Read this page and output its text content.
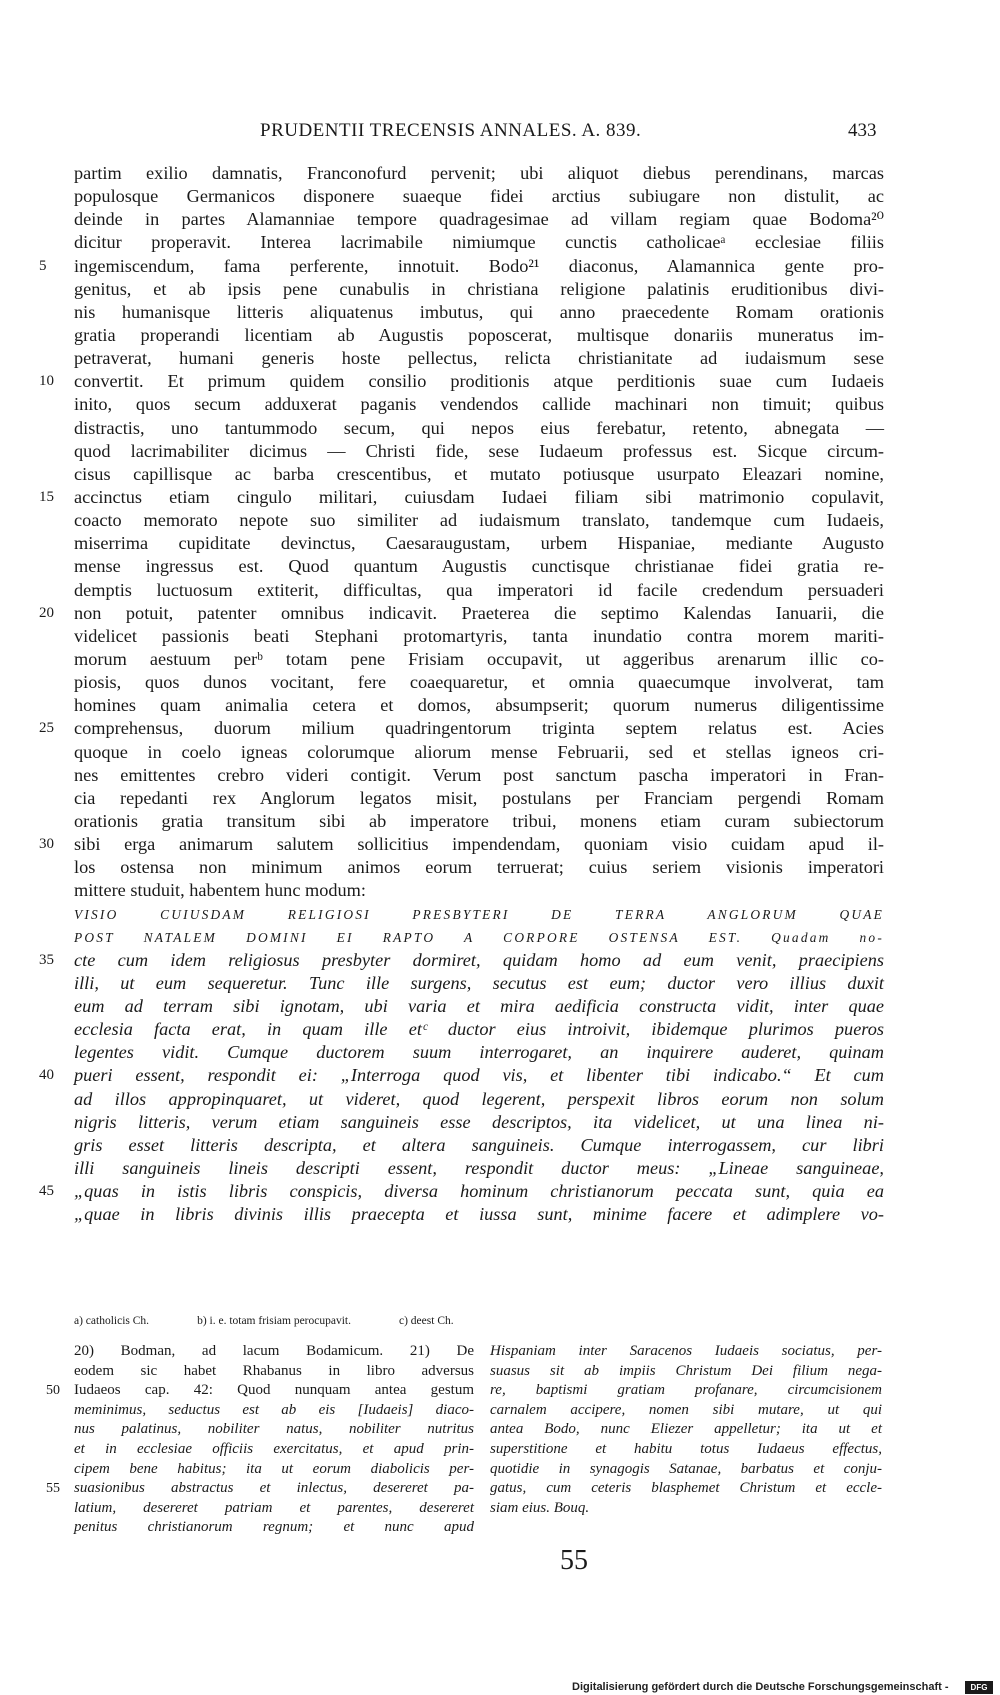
PRUDENTII TRECENSIS ANNALES. A. 839.	433
partim exilio damnatis, Franconofurd pervenit; ubi aliquot diebus perendinans, marcas
populosque Germanicos disponere suaeque fidei arctius subiugare non distulit, ac
deinde in partes Alamanniae tempore quadragesimae ad villam regiam quae Bodoma²⁰
dicitur properavit. Interea lacrimabile nimiumque cunctis catholicaeᵃ ecclesiae filiis
5	ingemiscendum, fama perferente, innotuit. Bodo²¹ diaconus, Alamannica gente pro-
genitus, et ab ipsis pene cunabulis in christiana religione palatinis eruditionibus divi-
nis humanisque litteris aliquatenus imbutus, qui anno praecedente Romam orationis
gratia properandi licentiam ab Augustis poposcerat, multisque donariis muneratus im-
petraverat, humani generis hoste pellectus, relicta christianitate ad iudaismum sese
10	convertit. Et primum quidem consilio proditionis atque perditionis suae cum Iudaeis
inito, quos secum adduxerat paganis vendendos callide machinari non timuit; quibus
distractis, uno tantummodo secum, qui nepos eius ferebatur, retento, abnegata —
quod lacrimabiliter dicimus — Christi fide, sese Iudaeum professus est. Sicque circum-
cisus capillisque ac barba crescentibus, et mutato potiusque usurpato Eleazari nomine,
15	accinctus etiam cingulo militari, cuiusdam Iudaei filiam sibi matrimonio copulavit,
coacto memorato nepote suo similiter ad iudaismum translato, tandemque cum Iudaeis,
miserrima cupiditate devinctus, Caesaraugustam, urbem Hispaniae, mediante Augusto
mense ingressus est. Quod quantum Augustis cunctisque christianae fidei gratia re-
demptis luctuosum extiterit, difficultas, qua imperatori id facile credendum persuaderi
20	non potuit, patenter omnibus indicavit. Praeterea die septimo Kalendas Ianuarii, die
videlicet passionis beati Stephani protomartyris, tanta inundatio contra morem mariti-
morum aestuum perᵇ totam pene Frisiam occupavit, ut aggeribus arenarum illic co-
piosis, quos dunos vocitant, fere coaequaretur, et omnia quaecumque involverat, tam
homines quam animalia cetera et domos, absumpserit; quorum numerus diligentissime
25	comprehensus, duorum milium quadringentorum triginta septem relatus est. Acies
quoque in coelo igneas colorumque aliorum mense Februarii, sed et stellas igneos cri-
nes emittentes crebro videri contigit. Verum post sanctum pascha imperatori in Fran-
cia repedanti rex Anglorum legatos misit, postulans per Franciam pergendi Romam
orationis gratia transitum sibi ab imperatore tribui, monens etiam curam subiectorum
30	sibi erga animarum salutem sollicitius impendendam, quoniam visio cuidam apud il-
los ostensa non minimum animos eorum terruerat; cuius seriem visionis imperatori
mittere studuit, habentem hunc modum:
VISIO CUIUSDAM RELIGIOSI PRESBYTERI DE TERRA ANGLORUM QUAE
POST NATALEM DOMINI EI RAPTO A CORPORE OSTENSA EST. Quadam no-
35	cte cum idem religiosus presbyter dormiret, quidam homo ad eum venit, praecipiens
illi, ut eum sequeretur. Tunc ille surgens, secutus est eum; ductor vero illius duxit
eum ad terram sibi ignotam, ubi varia et mira aedificia constructa vidit, inter quae
ecclesia facta erat, in quam ille etᶜ ductor eius introivit, ibidemque plurimos pueros
legentes vidit. Cumque ductorem suum interrogaret, an inquirere auderet, quinam
40	pueri essent, respondit ei: „Interroga quod vis, et libenter tibi indicabo.“ Et cum
ad illos appropinquaret, ut videret, quod legerent, perspexit libros eorum non solum
nigris litteris, verum etiam sanguineis esse descriptos, ita videlicet, ut una linea ni-
gris esset litteris descripta, et altera sanguineis. Cumque interrogassem, cur libri
illi sanguineis lineis descripti essent, respondit ductor meus: „Lineae sanguineae,
45	„quas in istis libris conspicis, diversa hominum christianorum peccata sunt, quia ea
„quae in libris divinis illis praecepta et iussa sunt, minime facere et adimplere vo-
a) catholicis Ch.	b) i. e. totam frisiam perocupavit.	c) deest Ch.
20) Bodman, ad lacum Bodamicum. 21) De
eodem sic habet Rhabanus in libro adversus
50 Iudaeos cap. 42: Quod nunquam antea gestum
meminimus, seductus est ab eis [Iudaeis] diaco-
nus palatinus, nobiliter natus, nobiliter nutritus
et in ecclesiae officiis exercitatus, et apud prin-
cipem bene habitus; ita ut eorum diabolicis per-
55 suasionibus abstractus et inlectus, desereret pa-
latium, desereret patriam et parentes, desereret
penitus christianorum regnum; et nunc apud
Hispaniam inter Saracenos Iudaeis sociatus, per-
suasus sit ab impiis Christum Dei filium nega-
re, baptismi gratiam profanare, circumcisionem
carnalem accipere, nomen sibi mutare, ut qui
antea Bodo, nunc Eliezer appelletur; ita ut et
superstitione et habitu totus Iudaeus effectus,
quotidie in synagogis Satanae, barbatus et conju-
gatus, cum ceteris blasphemet Christum et eccle-
siam eius. Bouq.
55
Digitalisierung gefördert durch die Deutsche Forschungsgemeinschaft -	DFG
